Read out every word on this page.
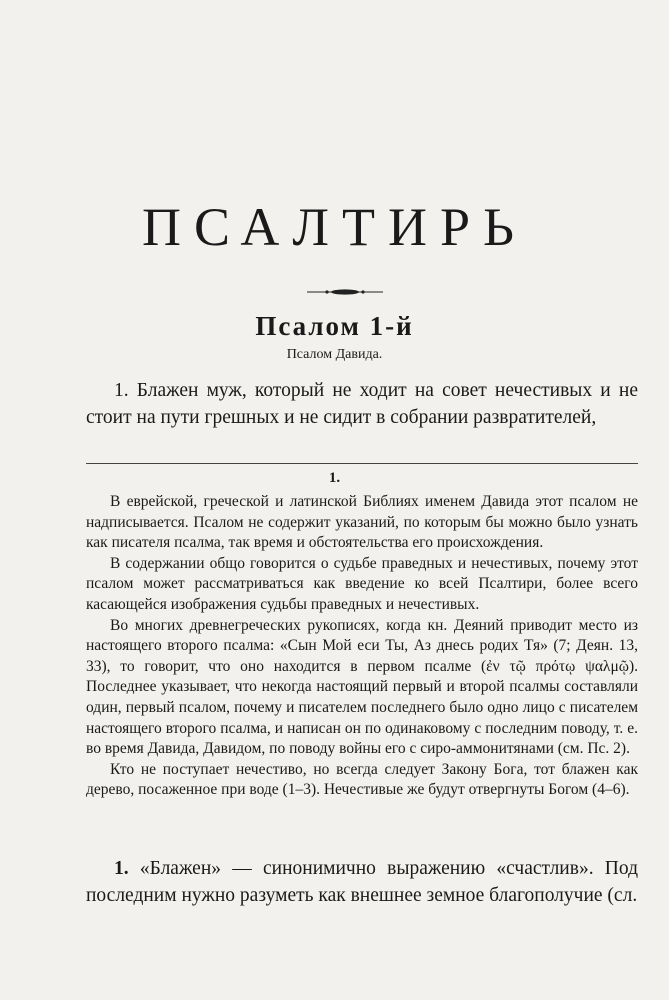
ПСАЛТИРЬ
Псалом 1-й
Псалом Давида.

1. Блажен муж, который не ходит на совет нечестивых и не стоит на пути грешных и не сидит в собрании развратителей,

1.

В еврейской, греческой и латинской Библиях именем Давида этот псалом не надписывается. Псалом не содержит указаний, по которым бы можно было узнать как писателя псалма, так время и обстоятельства его происхождения.

В содержании общо говорится о судьбе праведных и нечестивых, почему этот псалом может рассматриваться как введение ко всей Псалтири, более всего касающейся изображения судьбы праведных и нечестивых.

Во многих древнегреческих рукописях, когда кн. Деяний приводит место из настоящего второго псалма: «Сын Мой еси Ты, Аз днесь родих Тя» (7; Деян. 13, 33), то говорит, что оно находится в первом псалме (ἐν τῷ πρότῳ ψαλμῷ). Последнее указывает, что некогда настоящий первый и второй псалмы составляли один, первый псалом, почему и писателем последнего было одно лицо с писателем настоящего второго псалма, и написан он по одинаковому с последним поводу, т. е. во время Давида, Давидом, по поводу войны его с сиро-аммонитянами (см. Пс. 2).

Кто не поступает нечестиво, но всегда следует Закону Бога, тот блажен как дерево, посаженное при воде (1–3). Нечестивые же будут отвергнуты Богом (4–6).

1. «Блажен» — синонимично выражению «счастлив». Под последним нужно разуметь как внешнее земное благополучие (сл.
